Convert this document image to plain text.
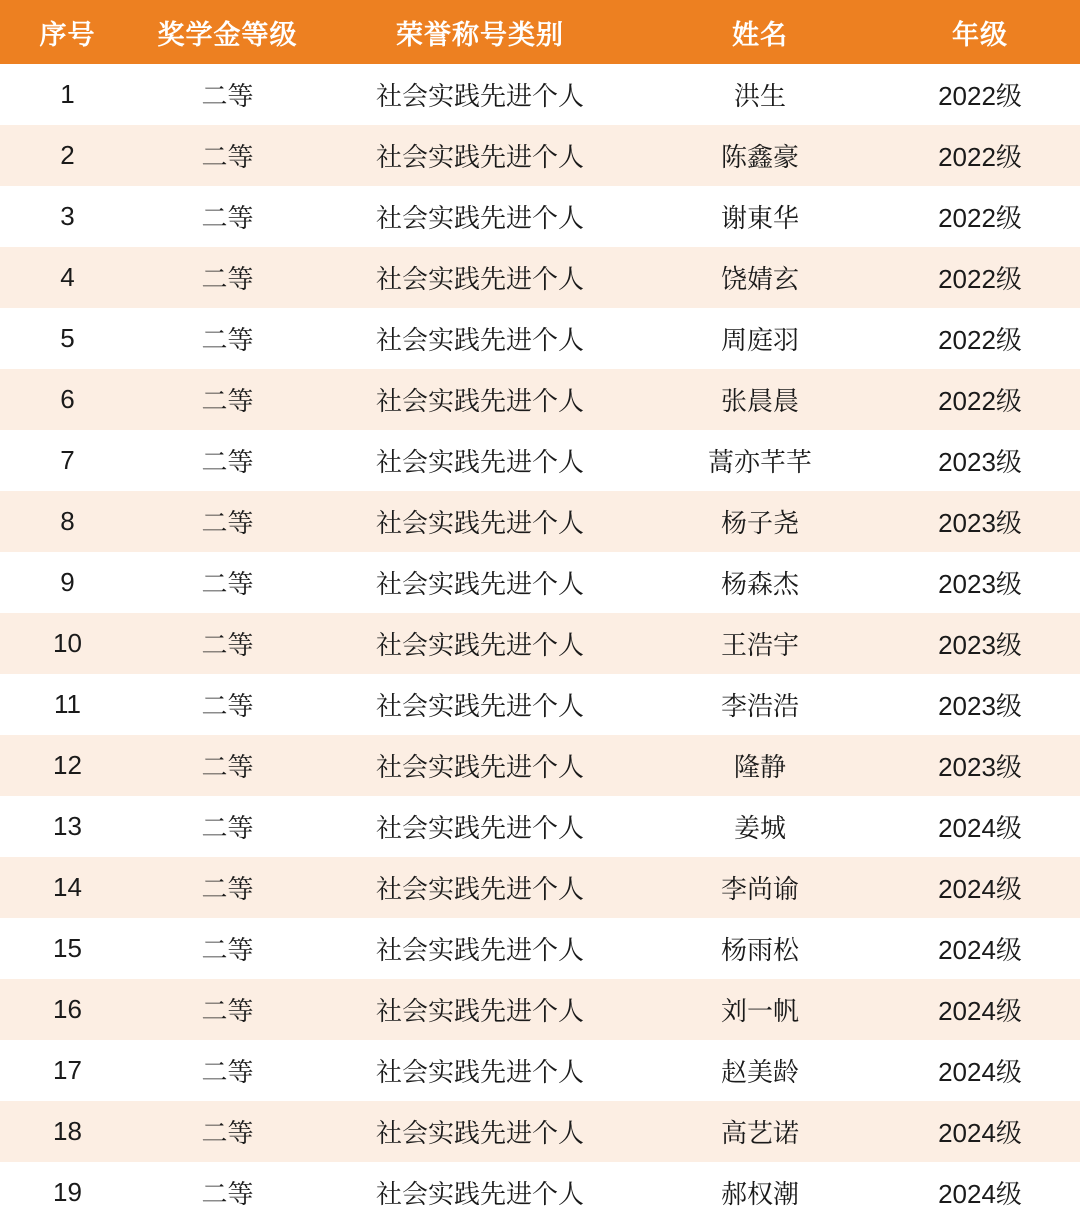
序号	奖学金等级	荣誉称号类别	姓名	年级
1	二等	社会实践先进个人	洪生	2022级
2	二等	社会实践先进个人	陈鑫豪	2022级
3	二等	社会实践先进个人	谢東华	2022级
4	二等	社会实践先进个人	饶婧玄	2022级
5	二等	社会实践先进个人	周庭羽	2022级
6	二等	社会实践先进个人	张晨晨	2022级
7	二等	社会实践先进个人	蒿亦芊芊	2023级
8	二等	社会实践先进个人	杨子尧	2023级
9	二等	社会实践先进个人	杨森杰	2023级
10	二等	社会实践先进个人	王浩宇	2023级
11	二等	社会实践先进个人	李浩浩	2023级
12	二等	社会实践先进个人	隆静	2023级
13	二等	社会实践先进个人	姜城	2024级
14	二等	社会实践先进个人	李尚谕	2024级
15	二等	社会实践先进个人	杨雨松	2024级
16	二等	社会实践先进个人	刘一帆	2024级
17	二等	社会实践先进个人	赵美龄	2024级
18	二等	社会实践先进个人	高艺诺	2024级
19	二等	社会实践先进个人	郝权潮	2024级
